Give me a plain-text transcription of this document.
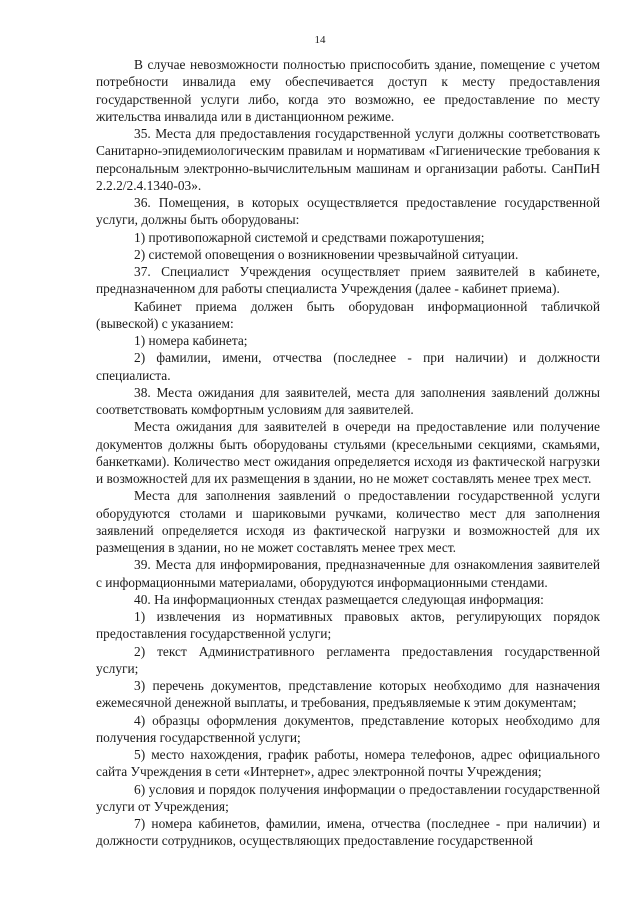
14

В случае невозможности полностью приспособить здание, помещение с учетом потребности инвалида ему обеспечивается доступ к месту предоставления государственной услуги либо, когда это возможно, ее предоставление по месту жительства инвалида или в дистанционном режиме.

35. Места для предоставления государственной услуги должны соответствовать Санитарно-эпидемиологическим правилам и нормативам «Гигиенические требования к персональным электронно-вычислительным машинам и организации работы. СанПиН 2.2.2/2.4.1340-03».

36. Помещения, в которых осуществляется предоставление государственной услуги, должны быть оборудованы:

1) противопожарной системой и средствами пожаротушения;

2) системой оповещения о возникновении чрезвычайной ситуации.

37. Специалист Учреждения осуществляет прием заявителей в кабинете, предназначенном для работы специалиста Учреждения (далее - кабинет приема).

Кабинет приема должен быть оборудован информационной табличкой (вывеской) с указанием:

1) номера кабинета;

2) фамилии, имени, отчества (последнее - при наличии) и должности специалиста.

38. Места ожидания для заявителей, места для заполнения заявлений должны соответствовать комфортным условиям для заявителей.

Места ожидания для заявителей в очереди на предоставление или получение документов должны быть оборудованы стульями (кресельными секциями, скамьями, банкетками). Количество мест ожидания определяется исходя из фактической нагрузки и возможностей для их размещения в здании, но не может составлять менее трех мест.

Места для заполнения заявлений о предоставлении государственной услуги оборудуются столами и шариковыми ручками, количество мест для заполнения заявлений определяется исходя из фактической нагрузки и возможностей для их размещения в здании, но не может составлять менее трех мест.

39. Места для информирования, предназначенные для ознакомления заявителей с информационными материалами, оборудуются информационными стендами.

40. На информационных стендах размещается следующая информация:

1) извлечения из нормативных правовых актов, регулирующих порядок предоставления государственной услуги;

2) текст Административного регламента предоставления государственной услуги;

3) перечень документов, представление которых необходимо для назначения ежемесячной денежной выплаты, и требования, предъявляемые к этим документам;

4) образцы оформления документов, представление которых необходимо для получения государственной услуги;

5) место нахождения, график работы, номера телефонов, адрес официального сайта Учреждения в сети «Интернет», адрес электронной почты Учреждения;

6) условия и порядок получения информации о предоставлении государственной услуги от Учреждения;

7) номера кабинетов, фамилии, имена, отчества (последнее - при наличии) и должности сотрудников, осуществляющих предоставление государственной
